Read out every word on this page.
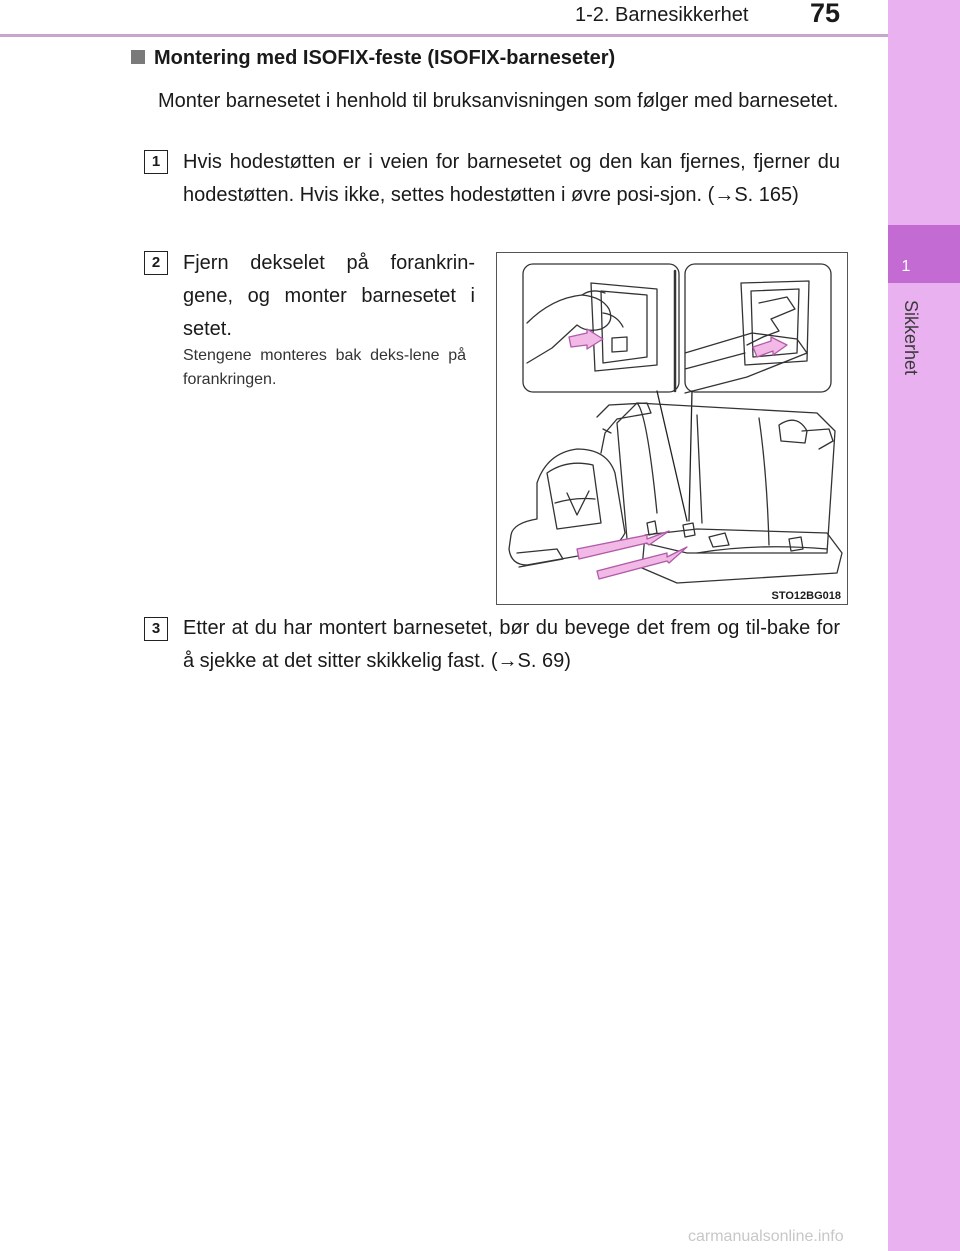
1-2. Barnesikkerhet	75
1
Sikkerhet
Montering med ISOFIX-feste (ISOFIX-barneseter)
Monter barnesetet i henhold til bruksanvisningen som følger med barnesetet.
1	Hvis hodestøtten er i veien for barnesetet og den kan fjernes, fjerner du hodestøtten. Hvis ikke, settes hodestøtten i øvre posi-sjon. (→S. 165)
2	Fjern dekselet på forankrin-gene, og monter barnesetet i setet.
Stengene monteres bak deks-lene på forankringen.
STO12BG018
3	Etter at du har montert barnesetet, bør du bevege det frem og til-bake for å sjekke at det sitter skikkelig fast. (→S. 69)
carmanualsonline.info
